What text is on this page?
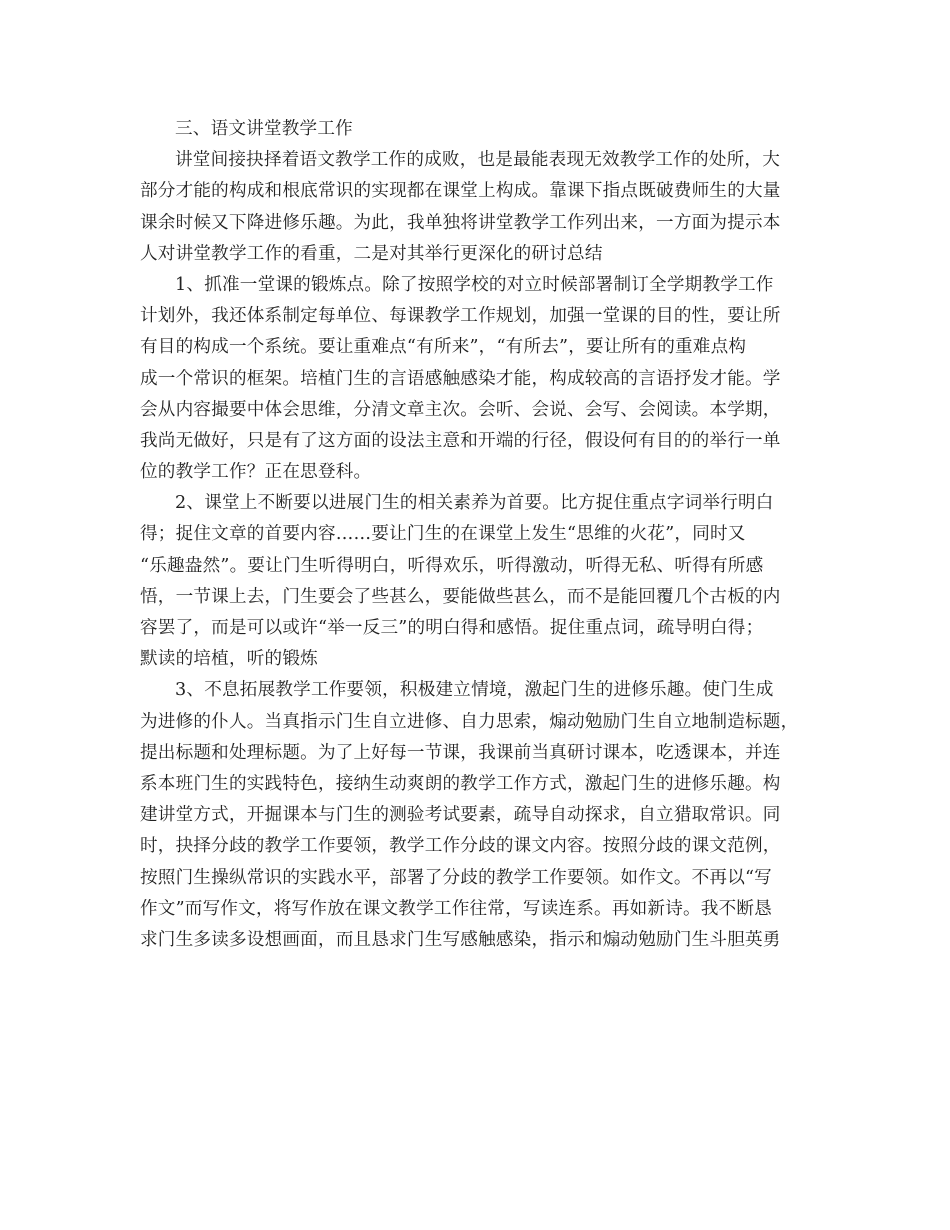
三、语文讲堂教学工作
讲堂间接抉择着语文教学工作的成败，也是最能表现无效教学工作的处所，大
部分才能的构成和根底常识的实现都在课堂上构成。靠课下指点既破费师生的大量
课余时候又下降进修乐趣。为此，我单独将讲堂教学工作列出来，一方面为提示本
人对讲堂教学工作的看重，二是对其举行更深化的研讨总结
1、抓准一堂课的锻炼点。除了按照学校的对立时候部署制订全学期教学工作
计划外，我还体系制定每单位、每课教学工作规划，加强一堂课的目的性，要让所
有目的构成一个系统。要让重难点“有所来”，“有所去”，要让所有的重难点构
成一个常识的框架。培植门生的言语感触感染才能，构成较高的言语抒发才能。学
会从内容撮要中体会思维，分清文章主次。会听、会说、会写、会阅读。本学期，
我尚无做好，只是有了这方面的设法主意和开端的行径，假设何有目的的举行一单
位的教学工作？正在思登科。
2、课堂上不断要以进展门生的相关素养为首要。比方捉住重点字词举行明白
得；捉住文章的首要内容……要让门生的在课堂上发生“思维的火花”，同时又
“乐趣盎然”。要让门生听得明白，听得欢乐，听得激动，听得无私、听得有所感
悟，一节课上去，门生要会了些甚么，要能做些甚么，而不是能回覆几个古板的内
容罢了，而是可以或许“举一反三”的明白得和感悟。捉住重点词，疏导明白得；
默读的培植，听的锻炼
3、不息拓展教学工作要领，积极建立情境，激起门生的进修乐趣。使门生成
为进修的仆人。当真指示门生自立进修、自力思索，煽动勉励门生自立地制造标题，
提出标题和处理标题。为了上好每一节课，我课前当真研讨课本，吃透课本，并连
系本班门生的实践特色，接纳生动爽朗的教学工作方式，激起门生的进修乐趣。构
建讲堂方式，开掘课本与门生的测验考试要素，疏导自动探求，自立猎取常识。同
时，抉择分歧的教学工作要领，教学工作分歧的课文内容。按照分歧的课文范例，
按照门生操纵常识的实践水平，部署了分歧的教学工作要领。如作文。不再以“写
作文”而写作文，将写作放在课文教学工作往常，写读连系。再如新诗。我不断恳
求门生多读多设想画面，而且恳求门生写感触感染，指示和煽动勉励门生斗胆英勇
